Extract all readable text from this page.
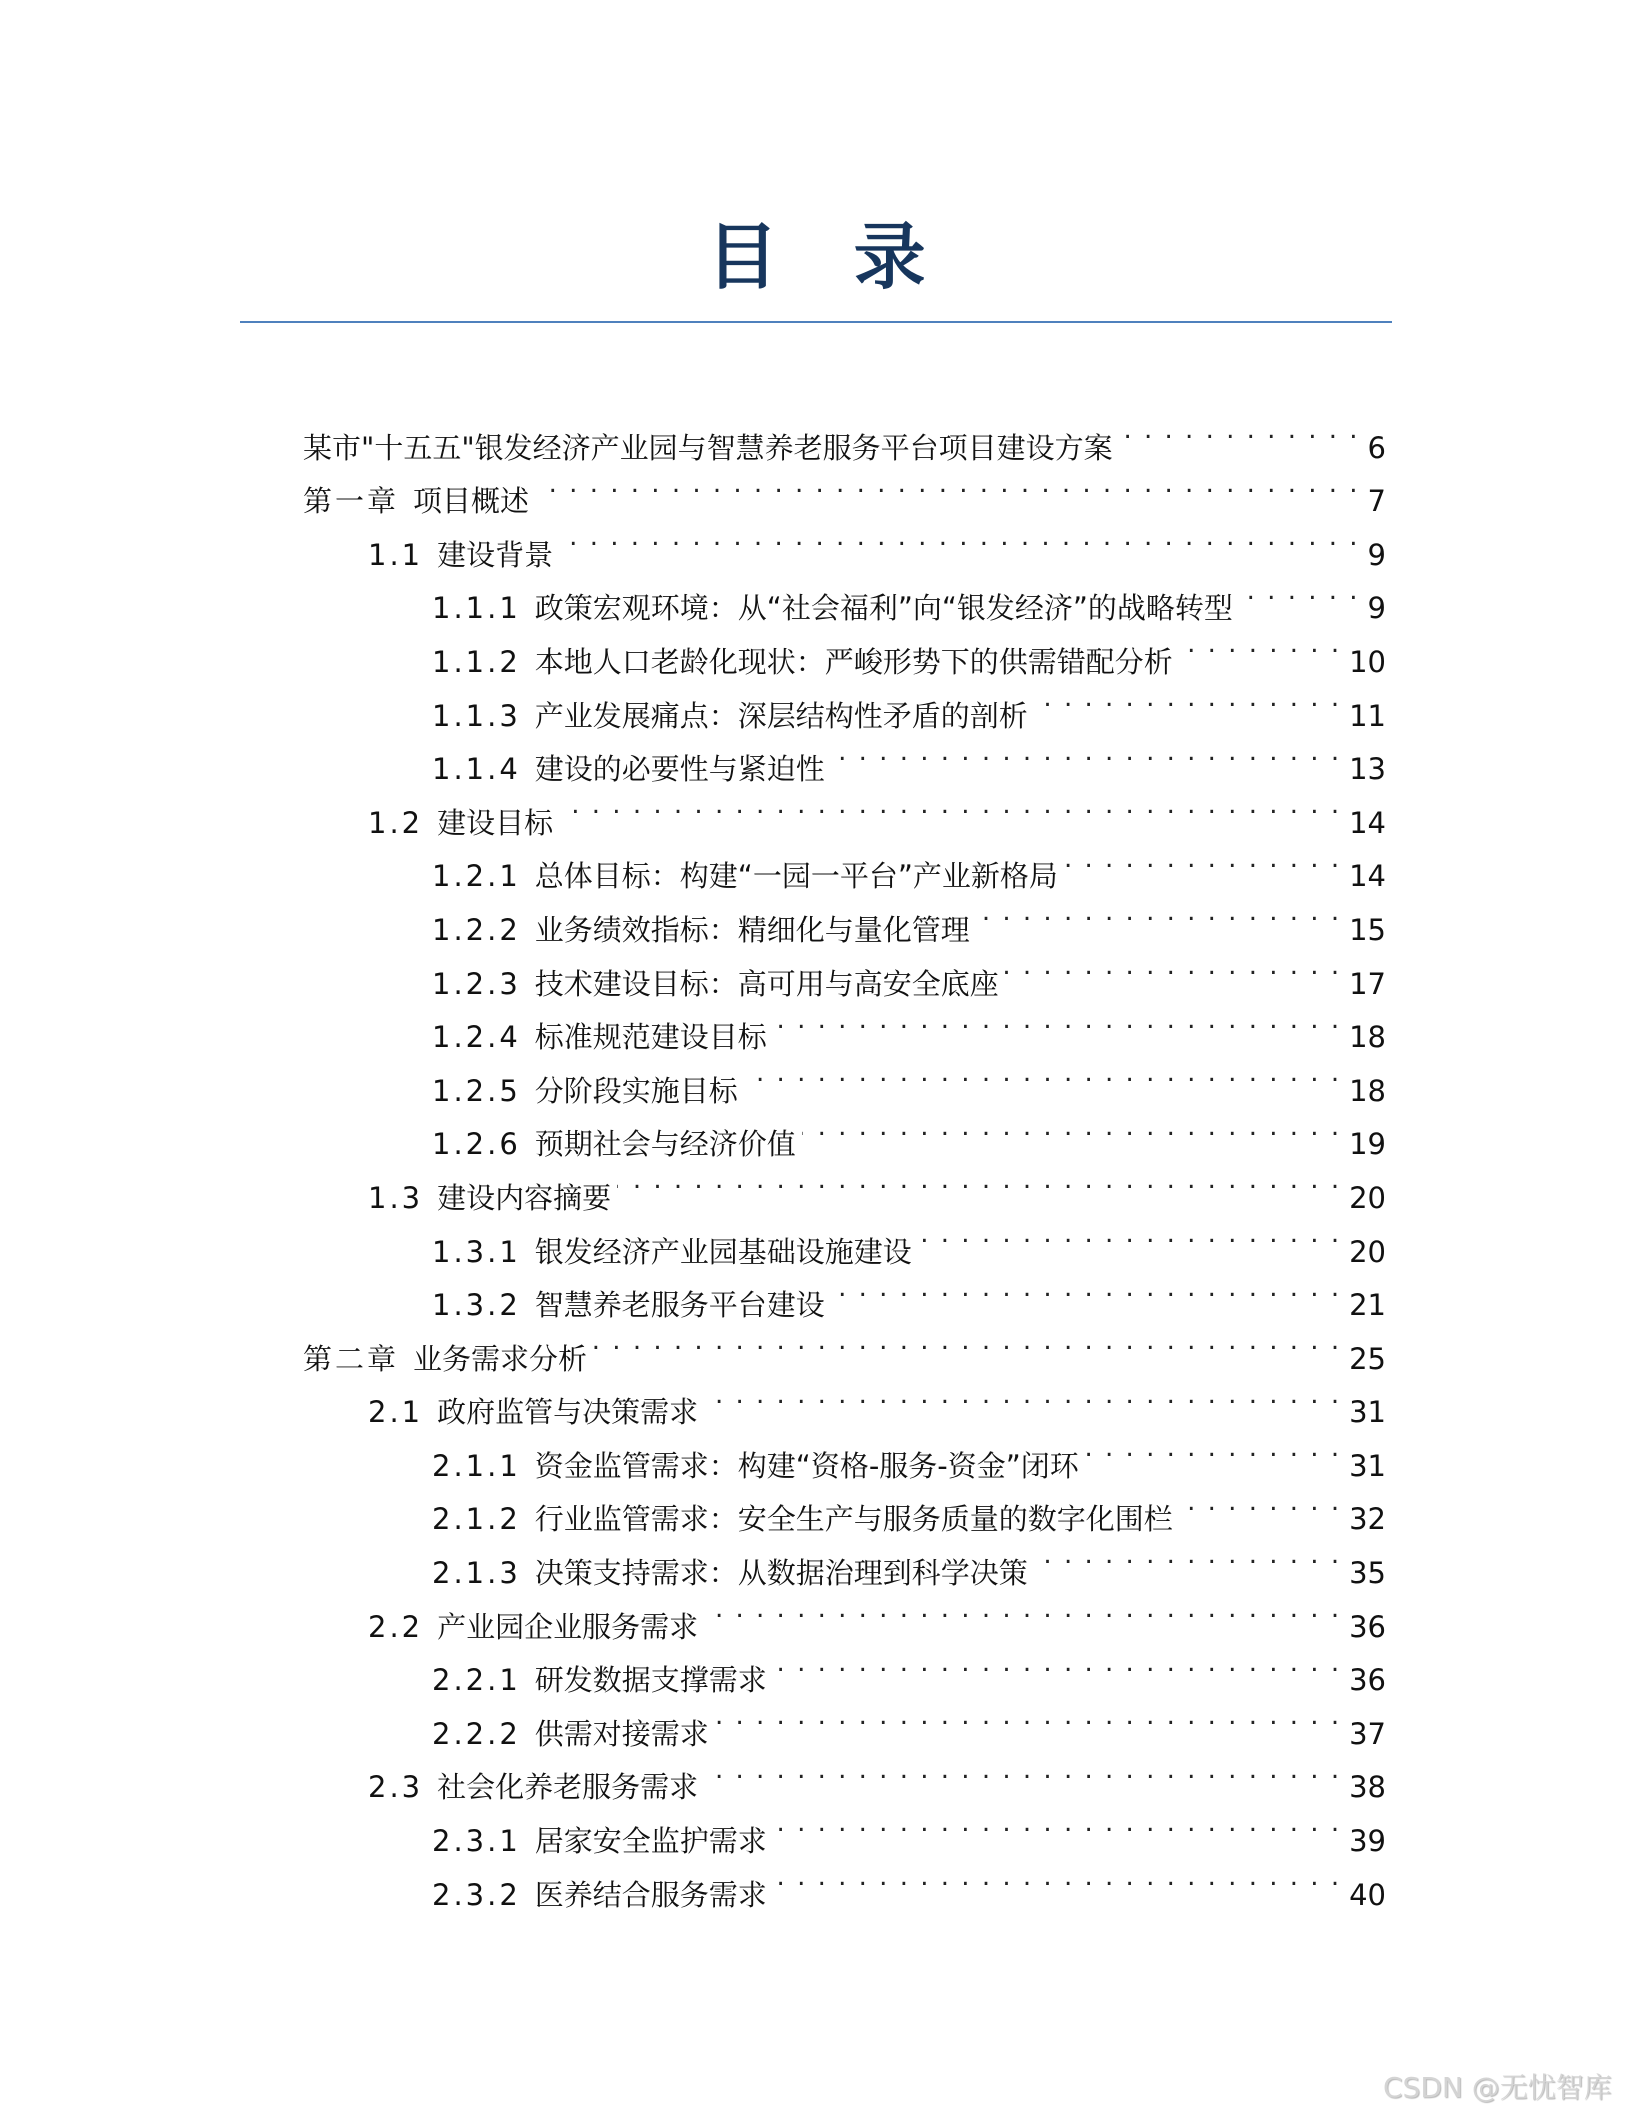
目   录
某市"十五五"银发经济产业园与智慧养老服务平台项目建设方案 . . .	6
第一章 项目概述 . . .	7
1.1 建设背景 . . .	9
1.1.1 政策宏观环境：从“社会福利”向“银发经济”的战略转型 . . .	9
1.1.2 本地人口老龄化现状：严峻形势下的供需错配分析 . . .	10
1.1.3 产业发展痛点：深层结构性矛盾的剖析 . . .	11
1.1.4 建设的必要性与紧迫性 . . .	13
1.2 建设目标 . . .	14
1.2.1 总体目标：构建“一园一平台”产业新格局 . . .	14
1.2.2 业务绩效指标：精细化与量化管理 . . .	15
1.2.3 技术建设目标：高可用与高安全底座 . . .	17
1.2.4 标准规范建设目标 . . .	18
1.2.5 分阶段实施目标 . . .	18
1.2.6 预期社会与经济价值 . . .	19
1.3 建设内容摘要 . . .	20
1.3.1 银发经济产业园基础设施建设 . . .	20
1.3.2 智慧养老服务平台建设 . . .	21
第二章 业务需求分析 . . .	25
2.1 政府监管与决策需求 . . .	31
2.1.1 资金监管需求：构建“资格-服务-资金”闭环 . . .	31
2.1.2 行业监管需求：安全生产与服务质量的数字化围栏 . . .	32
2.1.3 决策支持需求：从数据治理到科学决策 . . .	35
2.2 产业园企业服务需求 . . .	36
2.2.1 研发数据支撑需求 . . .	36
2.2.2 供需对接需求 . . .	37
2.3 社会化养老服务需求 . . .	38
2.3.1 居家安全监护需求 . . .	39
2.3.2 医养结合服务需求 . . .	40
CSDN @无忧智库
